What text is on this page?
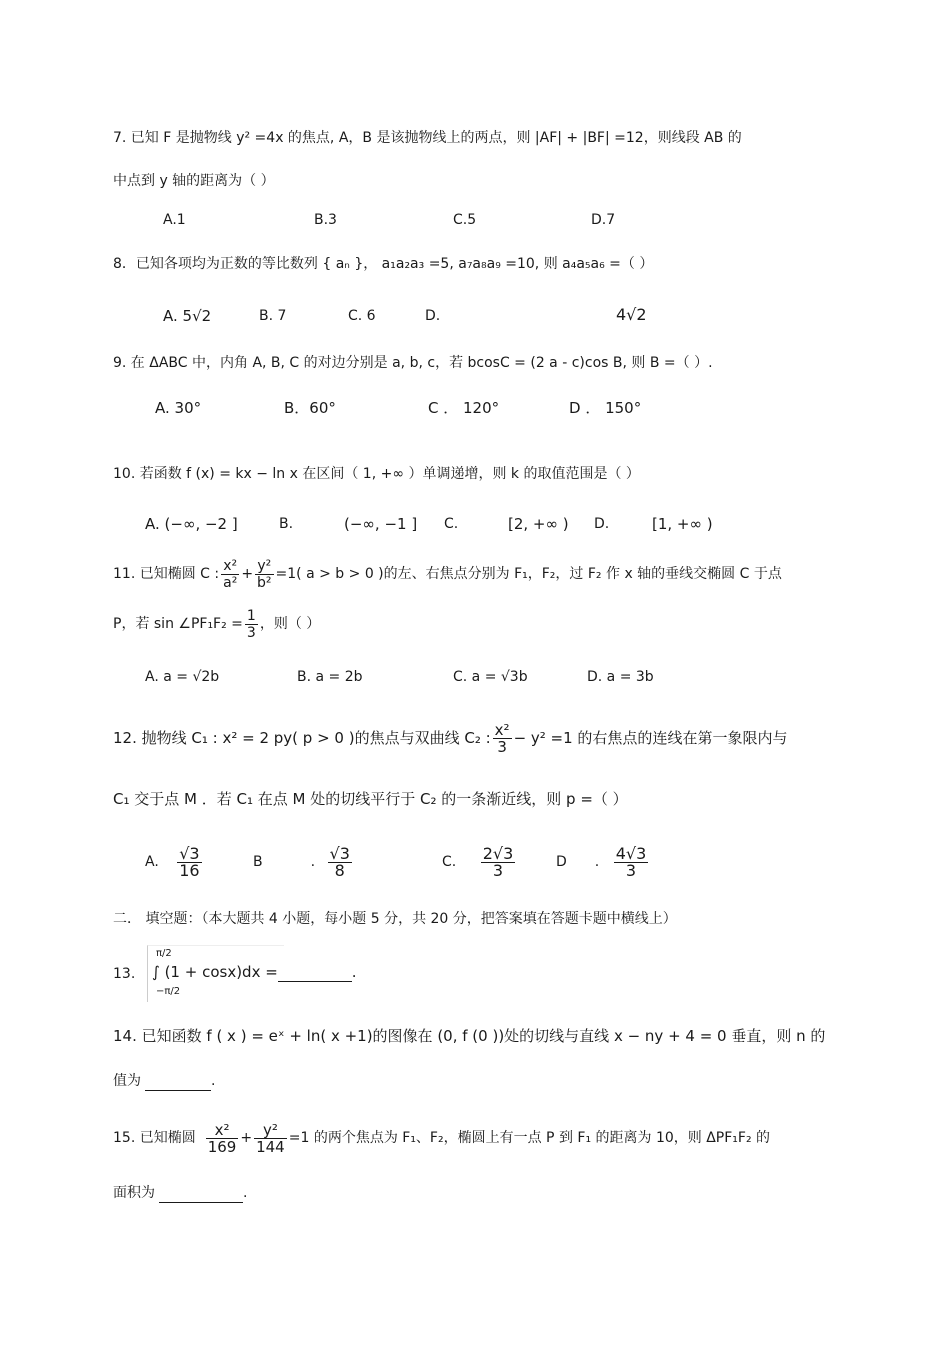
7. 已知 F 是抛物线 y² =4x 的焦点, A，B 是该抛物线上的两点，则 |AF| + |BF| =12，则线段 AB 的
中点到 y 轴的距离为（ ）
A.1	B.3	C.5	D.7
8．已知各项均为正数的等比数列 { aₙ }， a₁a₂a₃ =5, a₇a₈a₉ =10, 则 a₄a₅a₆ =（ ）
A. 5√2	B. 7	C. 6	D.	4√2
9. 在 ΔABC 中，内角 A, B, C 的对边分别是 a, b, c，若 bcosC = (2 a - c)cos B, 则 B =（ ）.
A. 30°	B．60°	C ． 120°	D ． 150°
10. 若函数 f (x) = kx − ln x 在区间（ 1, +∞ ）单调递增，则 k 的取值范围是（ ）
A. (−∞, −2 ]	B.	(−∞, −1 ] C.	[2, +∞ ) D.	[1, +∞ )
11. 已知椭圆 C : $\frac{\text{x²}}{\text{a²}} + \frac{\text{y²}}{\text{b²}} =1$( a > b > 0 )的左、右焦点分别为 F₁，F₂，过 F₂ 作 x 轴的垂线交椭圆 C 于点
P，若 sin ∠PF₁F₂ = $\frac{1}{3}$ ，则（ ）
A. a = √2b	B. a = 2b	C. a = √3b	D. a = 3b
12. 抛物线 C₁ : x² = 2 py( p > 0 )的焦点与双曲线 C₂ : $\frac{\text{x²}}{3} - y^2 =1$ 的右焦点的连线在第一象限内与
C₁ 交于点 M ．若 C₁ 在点 M 处的切线平行于 C₂ 的一条渐近线，则 p =（ ）
A. $\frac{√3}{16}$	B	. $\frac{√3}{8}$	C. $\frac{2√3}{3}$	D . $\frac{4√3}{3}$
二． 填空题：（本大题共 4 小题，每小题 5 分，共 20 分，把答案填在答题卡题中横线上）
13.
π/2
−π/2
∫ (1 + cosx)dx =	.
14. 已知函数 f ( x ) = eˣ + ln( x +1)的图像在 (0, f (0 ))处的切线与直线 x − ny + 4 = 0 垂直，则 n 的
值为	.
15. 已知椭圆 $\frac{\text{x²}}{169} + \frac{\text{y²}}{144} =1$ 的两个焦点为 F₁、F₂，椭圆上有一点 P 到 F₁ 的距离为 10，则 ΔPF₁F₂ 的
面积为	.
